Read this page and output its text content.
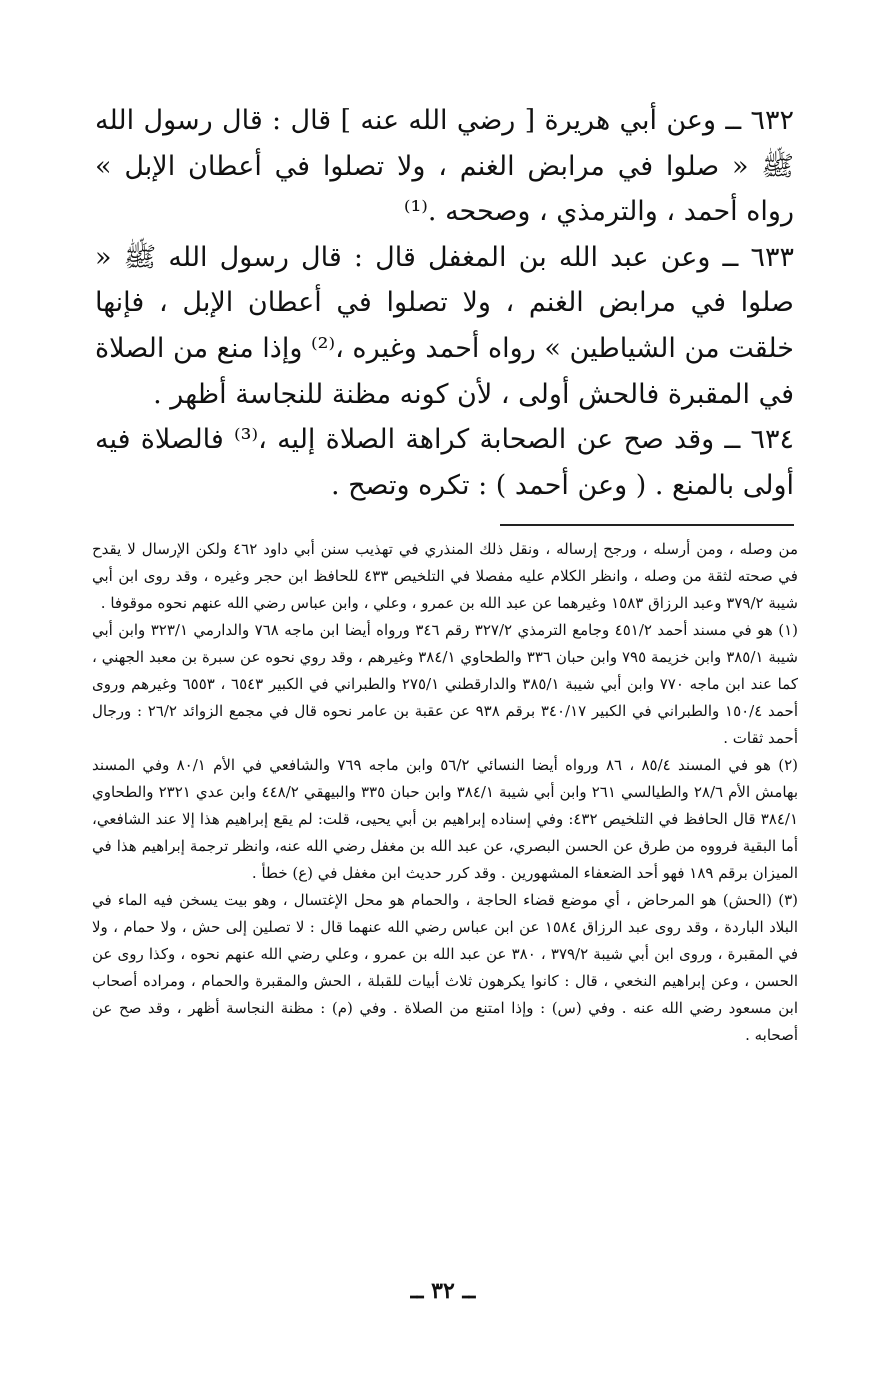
٦٣٢ ــ وعن أبي هريرة [ رضي الله عنه ] قال : قال رسول الله ﷺ « صلوا في مرابض الغنم ، ولا تصلوا في أعطان الإبل » رواه أحمد ، والترمذي ، وصححه .⁽¹⁾

٦٣٣ ــ وعن عبد الله بن المغفل قال : قال رسول الله ﷺ « صلوا في مرابض الغنم ، ولا تصلوا في أعطان الإبل ، فإنها خلقت من الشياطين » رواه أحمد وغيره ،⁽²⁾ وإذا منع من الصلاة في المقبرة فالحش أولى ، لأن كونه مظنة للنجاسة أظهر .

٦٣٤ ــ وقد صح عن الصحابة كراهة الصلاة إليه ،⁽³⁾ فالصلاة فيه أولى بالمنع . ( وعن أحمد ) : تكره وتصح .

من وصله ، ومن أرسله ، ورجح إرساله ، ونقل ذلك المنذري في تهذيب سنن أبي داود ٤٦٢ ولكن الإرسال لا يقدح في صحته لثقة من وصله ، وانظر الكلام عليه مفصلا في التلخيص ٤٣٣ للحافظ ابن حجر وغيره ، وقد روى ابن أبي شيبة ٣٧٩/٢ وعبد الرزاق ١٥٨٣ وغيرهما عن عبد الله بن عمرو ، وعلي ، وابن عباس رضي الله عنهم نحوه موقوفا .

(١) هو في مسند أحمد ٤٥١/٢ وجامع الترمذي ٣٢٧/٢ رقم ٣٤٦ ورواه أيضا ابن ماجه ٧٦٨ والدارمي ٣٢٣/١ وابن أبي شيبة ٣٨٥/١ وابن خزيمة ٧٩٥ وابن حبان ٣٣٦ والطحاوي ٣٨٤/١ وغيرهم ، وقد روي نحوه عن سبرة بن معبد الجهني ، كما عند ابن ماجه ٧٧٠ وابن أبي شيبة ٣٨٥/١ والدارقطني ٢٧٥/١ والطبراني في الكبير ٦٥٤٣ ، ٦٥٥٣ وغيرهم وروى أحمد ١٥٠/٤ والطبراني في الكبير ٣٤٠/١٧ برقم ٩٣٨ عن عقبة بن عامر نحوه قال في مجمع الزوائد ٢٦/٢ : ورجال أحمد ثقات .

(٢) هو في المسند ٨٥/٤ ، ٨٦ ورواه أيضا النسائي ٥٦/٢ وابن ماجه ٧٦٩ والشافعي في الأم ٨٠/١ وفي المسند بهامش الأم ٢٨/٦ والطيالسي ٢٦١ وابن أبي شيبة ٣٨٤/١ وابن حبان ٣٣٥ والبيهقي ٤٤٨/٢ وابن عدي ٢٣٢١ والطحاوي ٣٨٤/١ قال الحافظ في التلخيص ٤٣٢: وفي إسناده إبراهيم بن أبي يحيى، قلت: لم يقع إبراهيم هذا إلا عند الشافعي، أما البقية فرووه من طرق عن الحسن البصري، عن عبد الله بن مغفل رضي الله عنه، وانظر ترجمة إبراهيم هذا في الميزان برقم ١٨٩ فهو أحد الضعفاء المشهورين . وقد كرر حديث ابن مغفل في (ع) خطأ .

(٣) (الحش) هو المرحاض ، أي موضع قضاء الحاجة ، والحمام هو محل الإغتسال ، وهو بيت يسخن فيه الماء في البلاد الباردة ، وقد روى عبد الرزاق ١٥٨٤ عن ابن عباس رضي الله عنهما قال : لا تصلين إلى حش ، ولا حمام ، ولا في المقبرة ، وروى ابن أبي شيبة ٣٧٩/٢ ، ٣٨٠ عن عبد الله بن عمرو ، وعلي رضي الله عنهم نحوه ، وكذا روى عن الحسن ، وعن إبراهيم النخعي ، قال : كانوا يكرهون ثلاث أبيات للقبلة ، الحش والمقبرة والحمام ، ومراده أصحاب ابن مسعود رضي الله عنه . وفي (س) : وإذا امتنع من الصلاة . وفي (م) : مظنة النجاسة أظهر ، وقد صح عن أصحابه .

ــ ٣٢ ــ
